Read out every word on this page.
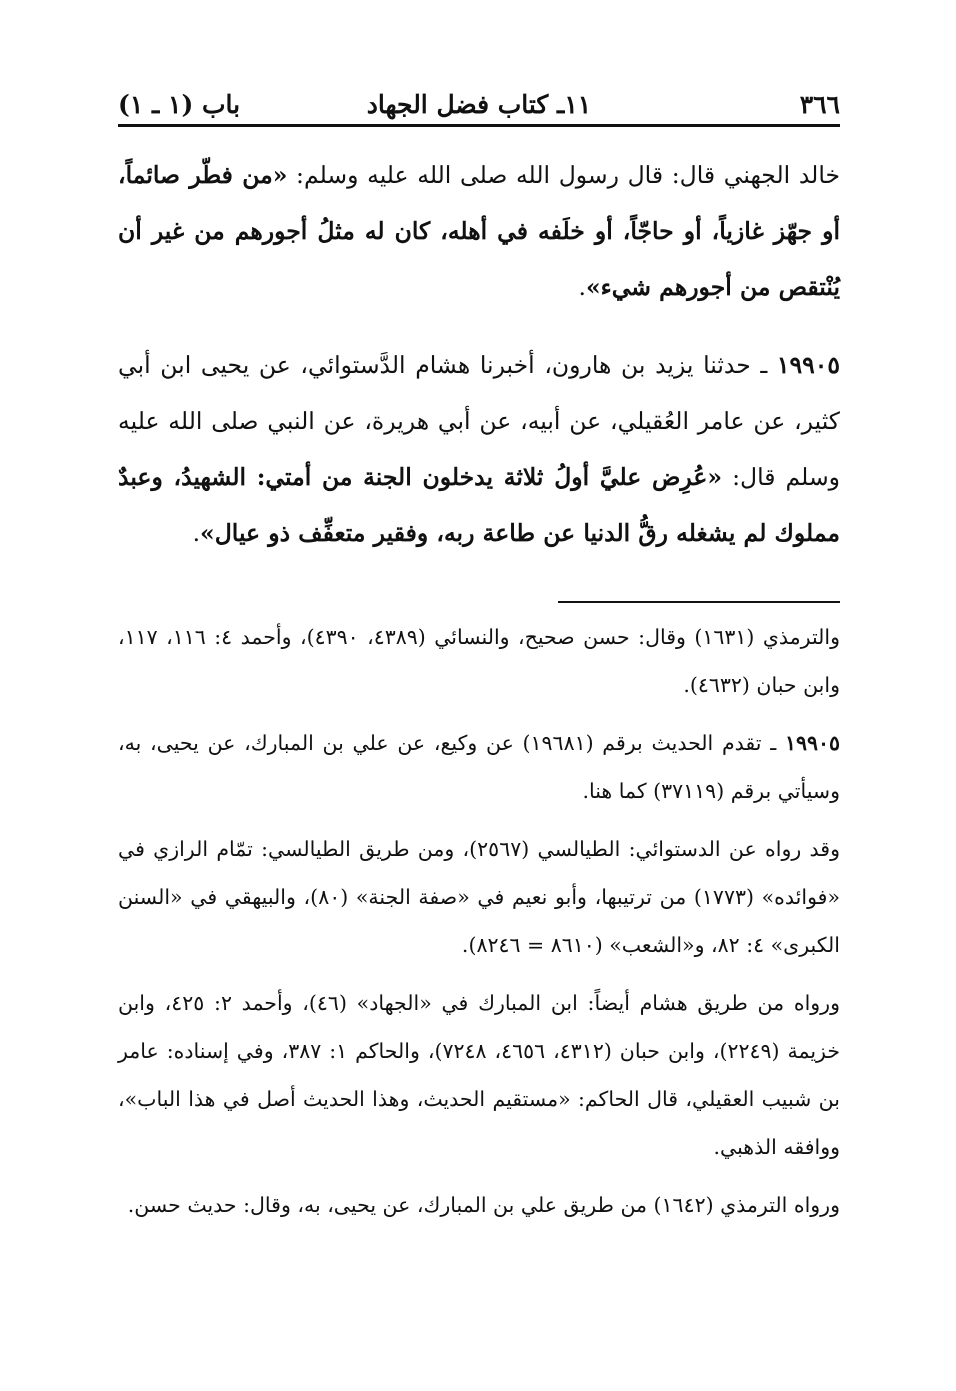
٣٦٦
١١ـ كتاب فضل الجهاد
باب (١ ـ ١)

خالد الجهني قال: قال رسول الله صلى الله عليه وسلم: «من فطّر صائماً، أو جهّز غازياً، أو حاجّاً، أو خلَفه في أهله، كان له مثلُ أجورهم من غير أن يُنْتقص من أجورهم شيء».

١٩٩٠٥ ـ حدثنا يزيد بن هارون، أخبرنا هشام الدَّستوائي، عن يحيى ابن أبي كثير، عن عامر العُقيلي، عن أبيه، عن أبي هريرة، عن النبي صلى الله عليه وسلم قال: «عُرِض عليَّ أولُ ثلاثة يدخلون الجنة من أمتي: الشهيدُ، وعبدٌ مملوك لم يشغله رقُّ الدنيا عن طاعة ربه، وفقير متعفِّف ذو عيال».

والترمذي (١٦٣١) وقال: حسن صحيح، والنسائي (٤٣٨٩، ٤٣٩٠)، وأحمد ٤: ١١٦، ١١٧، وابن حبان (٤٦٣٢).

١٩٩٠٥ ـ تقدم الحديث برقم (١٩٦٨١) عن وكيع، عن علي بن المبارك، عن يحيى، به، وسيأتي برقم (٣٧١١٩) كما هنا.

وقد رواه عن الدستوائي: الطيالسي (٢٥٦٧)، ومن طريق الطيالسي: تمّام الرازي في «فوائده» (١٧٧٣) من ترتيبها، وأبو نعيم في «صفة الجنة» (٨٠)، والبيهقي في «السنن الكبرى» ٤: ٨٢، و«الشعب» (٨٦١٠ = ٨٢٤٦).

ورواه من طريق هشام أيضاً: ابن المبارك في «الجهاد» (٤٦)، وأحمد ٢: ٤٢٥، وابن خزيمة (٢٢٤٩)، وابن حبان (٤٣١٢، ٤٦٥٦، ٧٢٤٨)، والحاكم ١: ٣٨٧، وفي إسناده: عامر بن شبيب العقيلي، قال الحاكم: «مستقيم الحديث، وهذا الحديث أصل في هذا الباب»، ووافقه الذهبي.

ورواه الترمذي (١٦٤٢) من طريق علي بن المبارك، عن يحيى، به، وقال: حديث حسن.
